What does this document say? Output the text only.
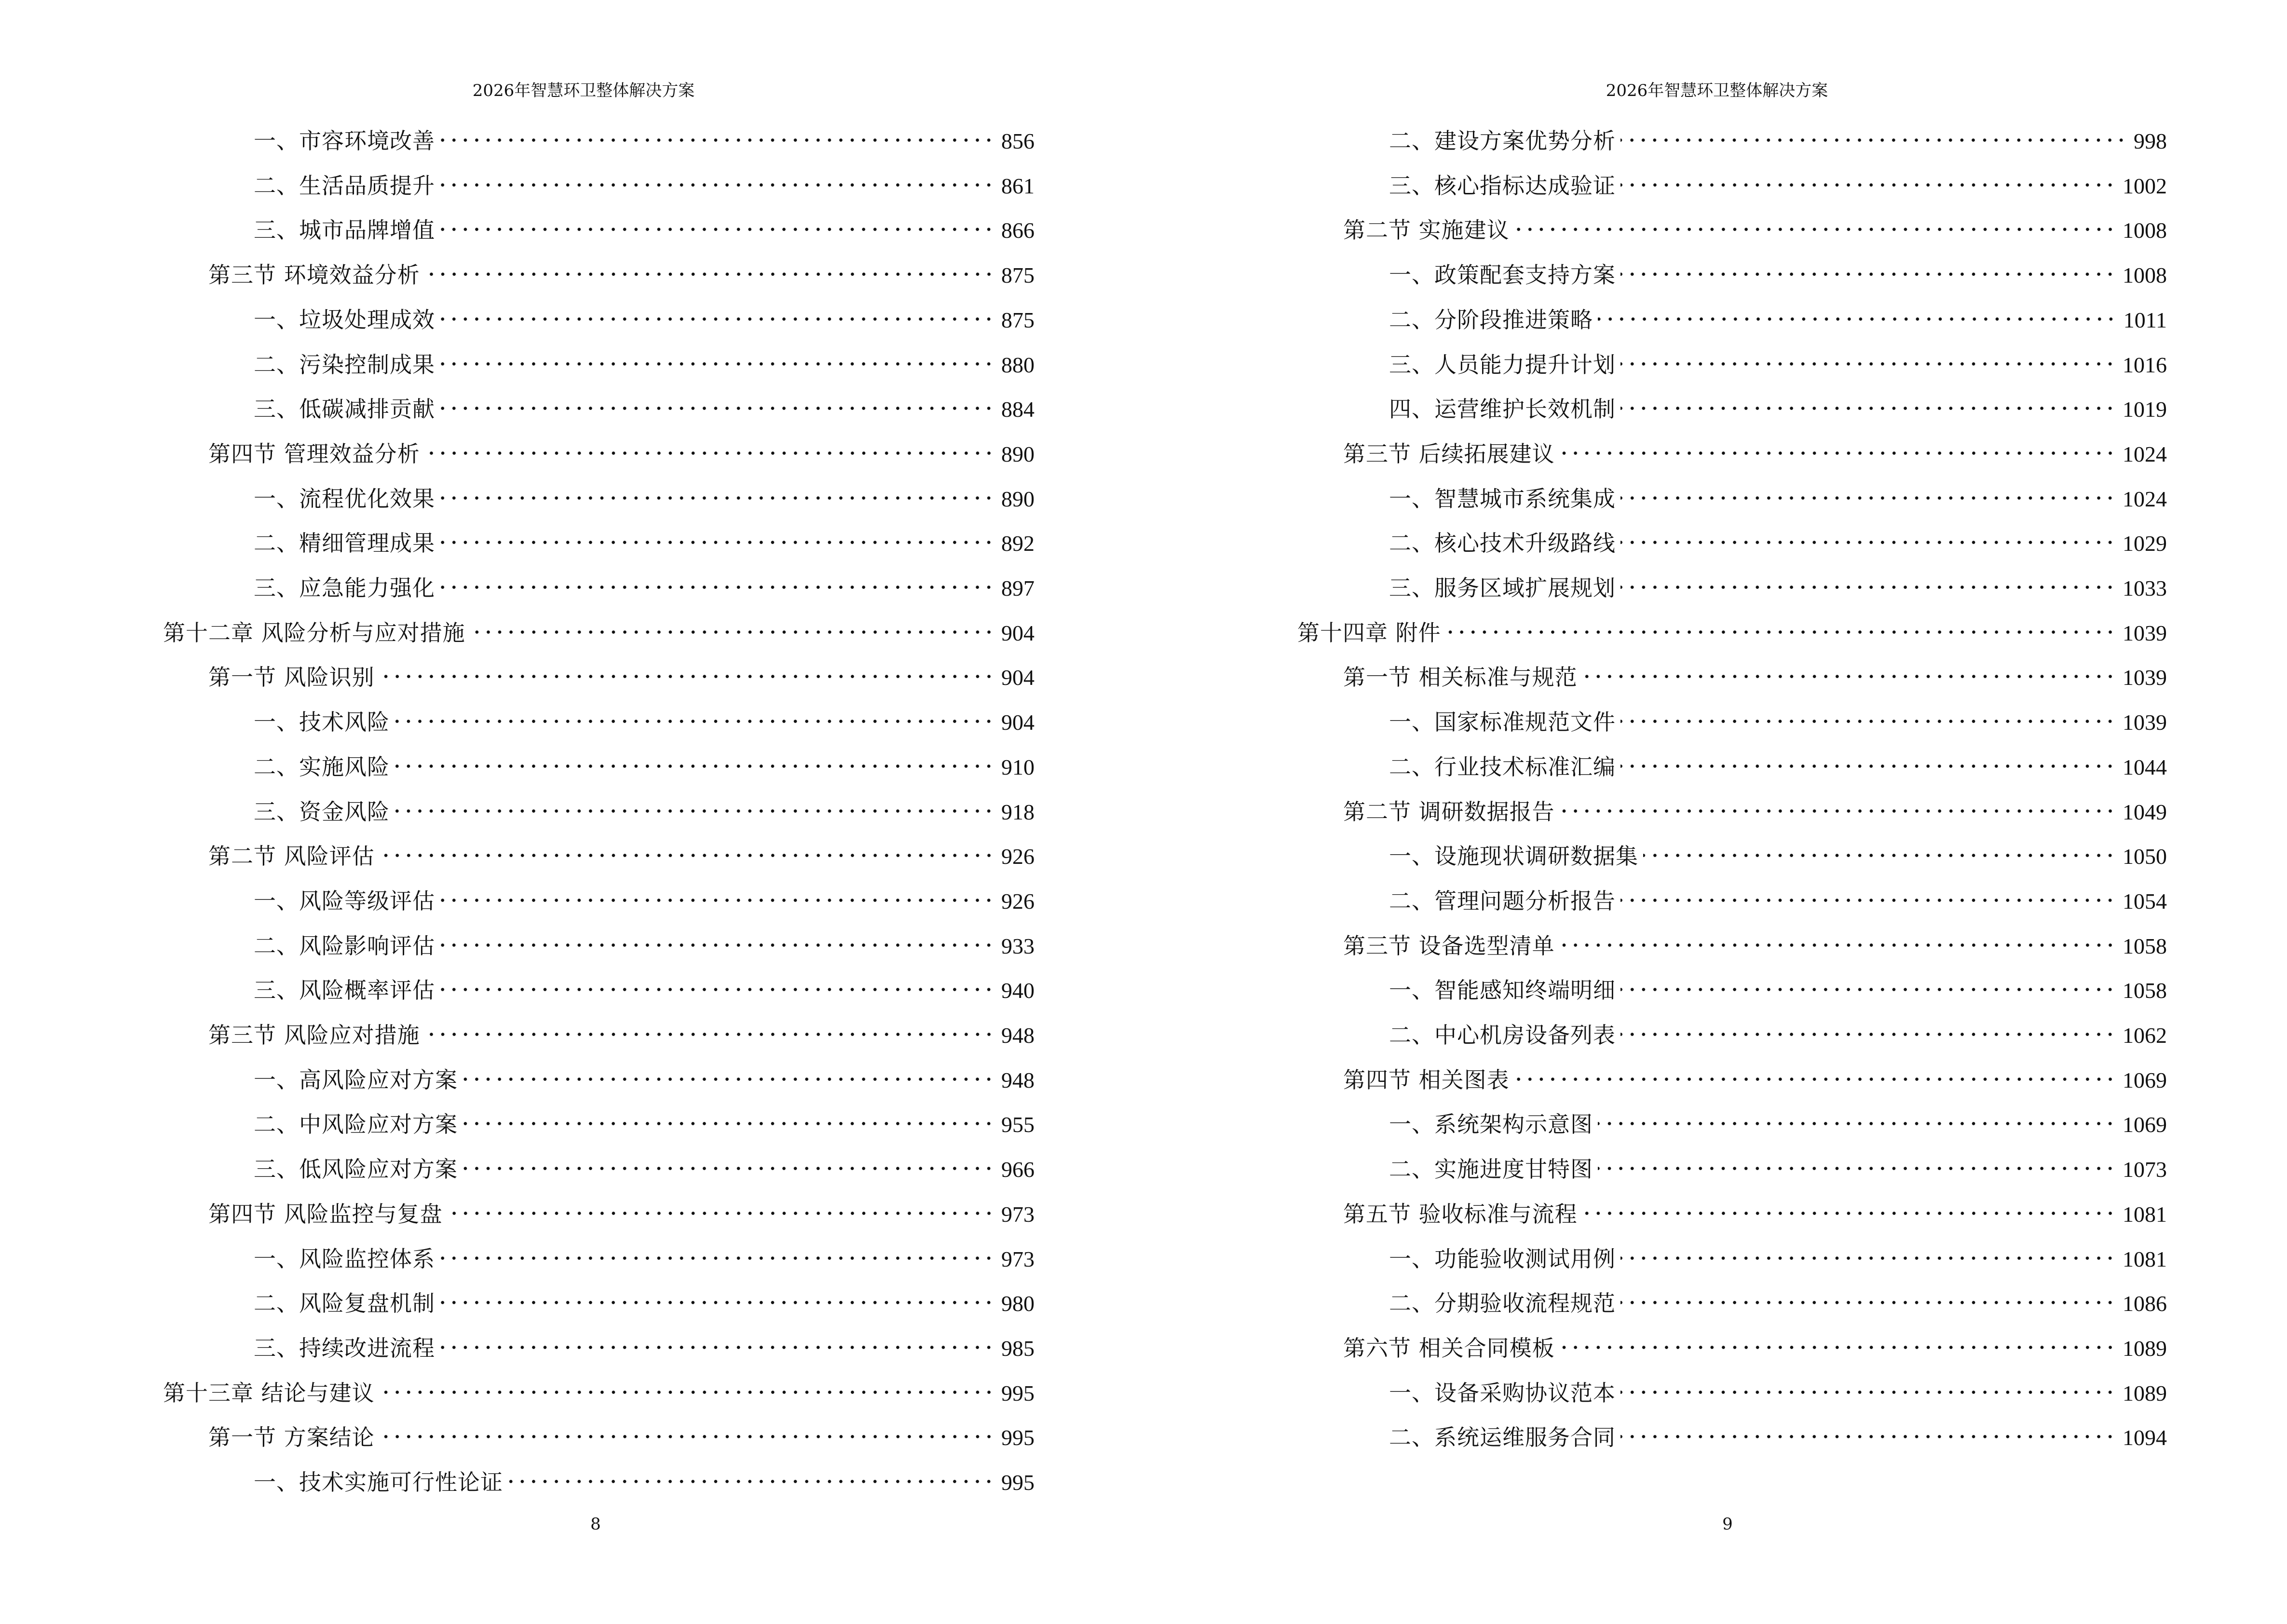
2026年智慧环卫整体解决方案
一、市容环境改善	856
二、生活品质提升	861
三、城市品牌增值	866
第三节 环境效益分析	875
一、垃圾处理成效	875
二、污染控制成果	880
三、低碳减排贡献	884
第四节 管理效益分析	890
一、流程优化效果	890
二、精细管理成果	892
三、应急能力强化	897
第十二章 风险分析与应对措施	904
第一节 风险识别	904
一、技术风险	904
二、实施风险	910
三、资金风险	918
第二节 风险评估	926
一、风险等级评估	926
二、风险影响评估	933
三、风险概率评估	940
第三节 风险应对措施	948
一、高风险应对方案	948
二、中风险应对方案	955
三、低风险应对方案	966
第四节 风险监控与复盘	973
一、风险监控体系	973
二、风险复盘机制	980
三、持续改进流程	985
第十三章 结论与建议	995
第一节 方案结论	995
一、技术实施可行性论证	995
8
2026年智慧环卫整体解决方案
二、建设方案优势分析	998
三、核心指标达成验证	1002
第二节 实施建议	1008
一、政策配套支持方案	1008
二、分阶段推进策略	1011
三、人员能力提升计划	1016
四、运营维护长效机制	1019
第三节 后续拓展建议	1024
一、智慧城市系统集成	1024
二、核心技术升级路线	1029
三、服务区域扩展规划	1033
第十四章 附件	1039
第一节 相关标准与规范	1039
一、国家标准规范文件	1039
二、行业技术标准汇编	1044
第二节 调研数据报告	1049
一、设施现状调研数据集	1050
二、管理问题分析报告	1054
第三节 设备选型清单	1058
一、智能感知终端明细	1058
二、中心机房设备列表	1062
第四节 相关图表	1069
一、系统架构示意图	1069
二、实施进度甘特图	1073
第五节 验收标准与流程	1081
一、功能验收测试用例	1081
二、分期验收流程规范	1086
第六节 相关合同模板	1089
一、设备采购协议范本	1089
二、系统运维服务合同	1094
9
